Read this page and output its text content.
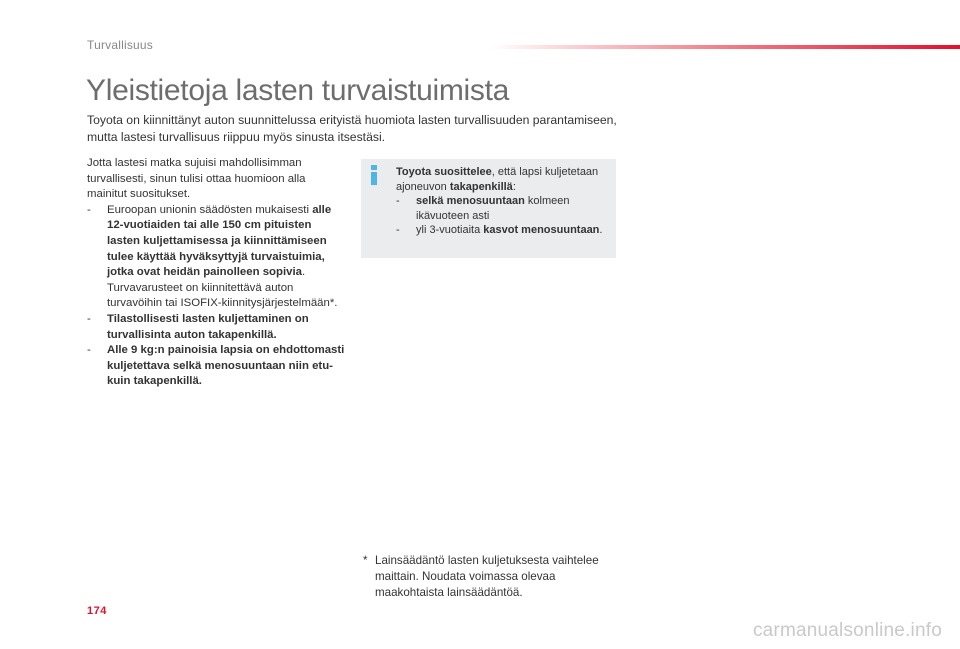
Turvallisuus
Yleistietoja lasten turvaistuimista

Toyota on kiinnittänyt auton suunnittelussa erityistä huomiota lasten turvallisuuden parantamiseen, mutta lastesi turvallisuus riippuu myös sinusta itsestäsi.

Jotta lastesi matka sujuisi mahdollisimman turvallisesti, sinun tulisi ottaa huomioon alla mainitut suositukset.

- Euroopan unionin säädösten mukaisesti alle 12-vuotiaiden tai alle 150 cm pituisten lasten kuljettamisessa ja kiinnittämiseen tulee käyttää hyväksyttyjä turvaistuimia, jotka ovat heidän painolleen sopivia. Turvavarusteet on kiinnitettävä auton turvavöihin tai ISOFIX-kiinnitysjärjestelmään*.
- Tilastollisesti lasten kuljettaminen on turvallisinta auton takapenkillä.
- Alle 9 kg:n painoisia lapsia on ehdottomasti kuljetettava selkä menosuuntaan niin etu- kuin takapenkillä.

Toyota suosittelee, että lapsi kuljetetaan ajoneuvon takapenkillä:

- selkä menosuuntaan kolmeen ikävuoteen asti
- yli 3-vuotiaita kasvot menosuuntaan.
* Lainsäädäntö lasten kuljetuksesta vaihtelee maittain. Noudata voimassa olevaa maakohtaista lainsäädäntöä.
174
carmanualsonline.info
